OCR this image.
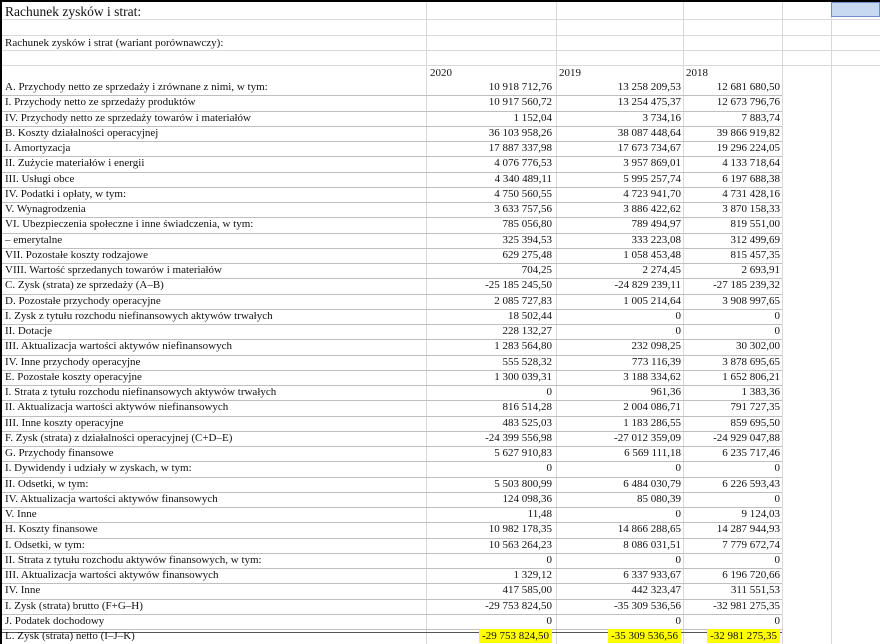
Rachunek zysków i strat:
Rachunek zysków i strat (wariant porównawczy):
2020	2019	2018
A. Przychody netto ze sprzedaży i zrównane z nimi, w tym:	10 918 712,76	13 258 209,53	12 681 680,50
I. Przychody netto ze sprzedaży produktów	10 917 560,72	13 254 475,37	12 673 796,76
IV. Przychody netto ze sprzedaży towarów i materiałów	1 152,04	3 734,16	7 883,74
B. Koszty działalności operacyjnej	36 103 958,26	38 087 448,64	39 866 919,82
I. Amortyzacja	17 887 337,98	17 673 734,67	19 296 224,05
II. Zużycie materiałów i energii	4 076 776,53	3 957 869,01	4 133 718,64
III. Usługi obce	4 340 489,11	5 995 257,74	6 197 688,38
IV. Podatki i opłaty, w tym:	4 750 560,55	4 723 941,70	4 731 428,16
V. Wynagrodzenia	3 633 757,56	3 886 422,62	3 870 158,33
VI. Ubezpieczenia społeczne i inne świadczenia, w tym:	785 056,80	789 494,97	819 551,00
– emerytalne	325 394,53	333 223,08	312 499,69
VII. Pozostałe koszty rodzajowe	629 275,48	1 058 453,48	815 457,35
VIII. Wartość sprzedanych towarów i materiałów	704,25	2 274,45	2 693,91
C. Zysk (strata) ze sprzedaży (A–B)	-25 185 245,50	-24 829 239,11	-27 185 239,32
D. Pozostałe przychody operacyjne	2 085 727,83	1 005 214,64	3 908 997,65
I. Zysk z tytułu rozchodu niefinansowych aktywów trwałych	18 502,44	0	0
II. Dotacje	228 132,27	0	0
III. Aktualizacja wartości aktywów niefinansowych	1 283 564,80	232 098,25	30 302,00
IV. Inne przychody operacyjne	555 528,32	773 116,39	3 878 695,65
E. Pozostałe koszty operacyjne	1 300 039,31	3 188 334,62	1 652 806,21
I. Strata z tytułu rozchodu niefinansowych aktywów trwałych	0	961,36	1 383,36
II. Aktualizacja wartości aktywów niefinansowych	816 514,28	2 004 086,71	791 727,35
III. Inne koszty operacyjne	483 525,03	1 183 286,55	859 695,50
F. Zysk (strata) z działalności operacyjnej (C+D–E)	-24 399 556,98	-27 012 359,09	-24 929 047,88
G. Przychody finansowe	5 627 910,83	6 569 111,18	6 235 717,46
I. Dywidendy i udziały w zyskach, w tym:	0	0	0
II. Odsetki, w tym:	5 503 800,99	6 484 030,79	6 226 593,43
IV. Aktualizacja wartości aktywów finansowych	124 098,36	85 080,39	0
V. Inne	11,48	0	9 124,03
H. Koszty finansowe	10 982 178,35	14 866 288,65	14 287 944,93
I. Odsetki, w tym:	10 563 264,23	8 086 031,51	7 779 672,74
II. Strata z tytułu rozchodu aktywów finansowych, w tym:	0	0	0
III. Aktualizacja wartości aktywów finansowych	1 329,12	6 337 933,67	6 196 720,66
IV. Inne	417 585,00	442 323,47	311 551,53
I. Zysk (strata) brutto (F+G–H)	-29 753 824,50	-35 309 536,56	-32 981 275,35
J. Podatek dochodowy	0	0	0
L. Zysk (strata) netto (I–J–K)	-29 753 824,50	-35 309 536,56	-32 981 275,35
